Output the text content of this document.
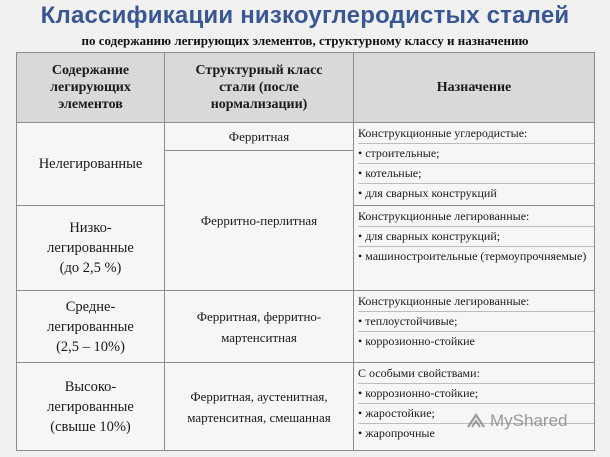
Классификации низкоуглеродистых сталей
по содержанию легирующих элементов, структурному классу и назначению
Содержание легирующих элементов	Структурный класс стали (после нормализации)	Назначение
Нелегированные	Ферритная	Конструкционные углеродистые:
• строительные;
• котельные;
• для сварных конструкций

	Ферритно-перлитная	

Низко-легированные (до 2,5 %)		Конструкционные легированные:
• для сварных конструкций;
• машиностроительные (термоупрочняемые)

Средне-легированные (2,5 – 10%)	Ферритная, ферритно-мартенситная	Конструкционные легированные:
• теплоустойчивые;
• коррозионно-стойкие

Высоко-легированные (свыше 10%)	Ферритная, аустенитная, мартенситная, смешанная	С особыми свойствами:
• коррозионно-стойкие;
• жаростойкие;
• жаропрочные
MyShared
